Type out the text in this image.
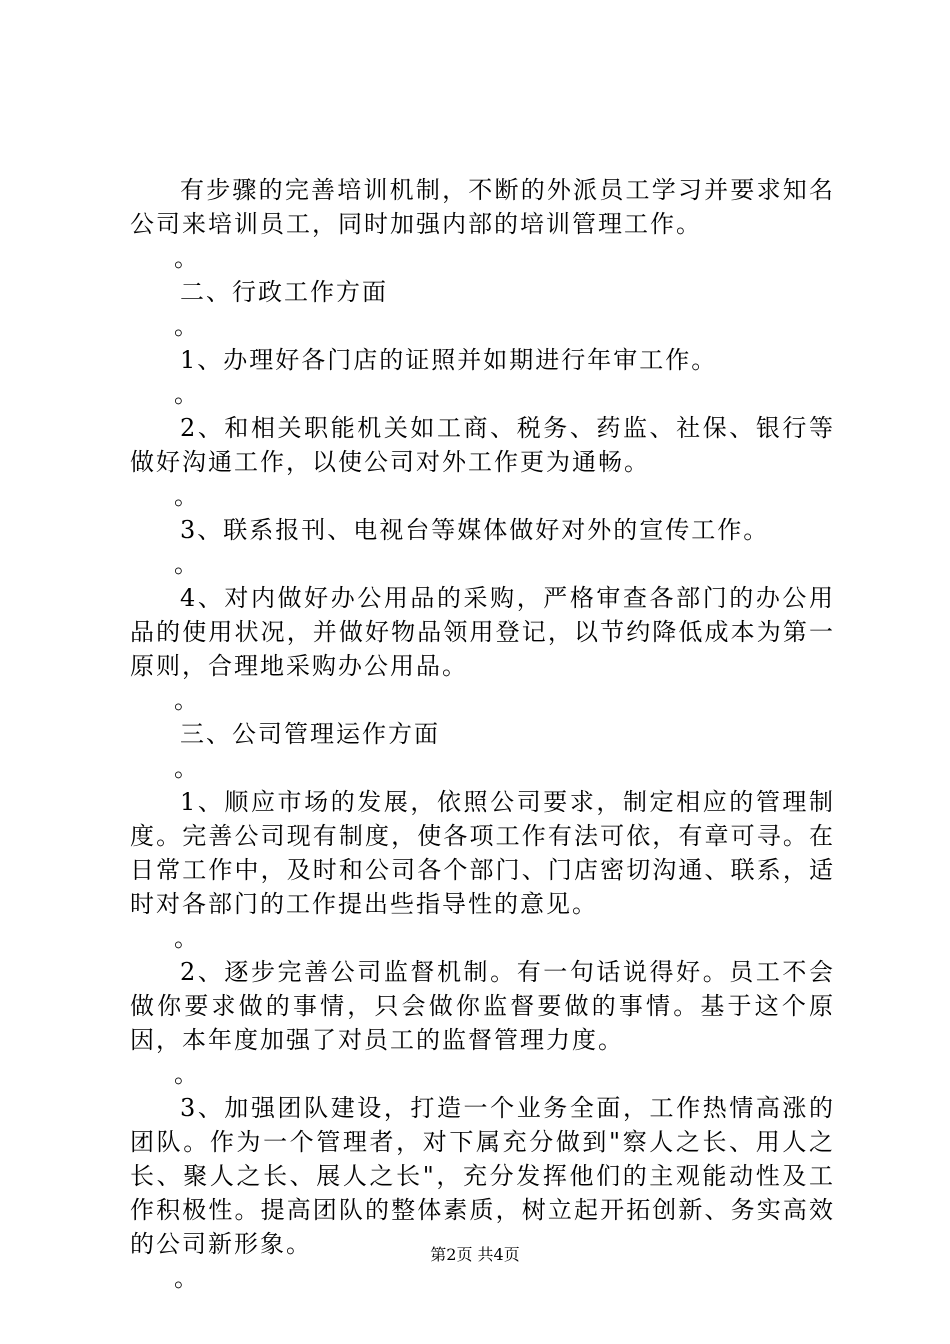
有步骤的完善培训机制，不断的外派员工学习并要求知名公司来培训员工，同时加强内部的培训管理工作。

。

二、行政工作方面

。

1、办理好各门店的证照并如期进行年审工作。

。

2、和相关职能机关如工商、税务、药监、社保、银行等做好沟通工作，以使公司对外工作更为通畅。

。

3、联系报刊、电视台等媒体做好对外的宣传工作。

。

4、对内做好办公用品的采购，严格审查各部门的办公用品的使用状况，并做好物品领用登记，以节约降低成本为第一原则，合理地采购办公用品。

。

三、公司管理运作方面

。

1、顺应市场的发展，依照公司要求，制定相应的管理制度。完善公司现有制度，使各项工作有法可依，有章可寻。在日常工作中，及时和公司各个部门、门店密切沟通、联系，适时对各部门的工作提出些指导性的意见。

。

2、逐步完善公司监督机制。有一句话说得好。员工不会做你要求做的事情，只会做你监督要做的事情。基于这个原因，本年度加强了对员工的监督管理力度。

。

3、加强团队建设，打造一个业务全面，工作热情高涨的团队。作为一个管理者，对下属充分做到"察人之长、用人之长、聚人之长、展人之长"，充分发挥他们的主观能动性及工作积极性。提高团队的整体素质，树立起开拓创新、务实高效的公司新形象。

。
第2页 共4页
